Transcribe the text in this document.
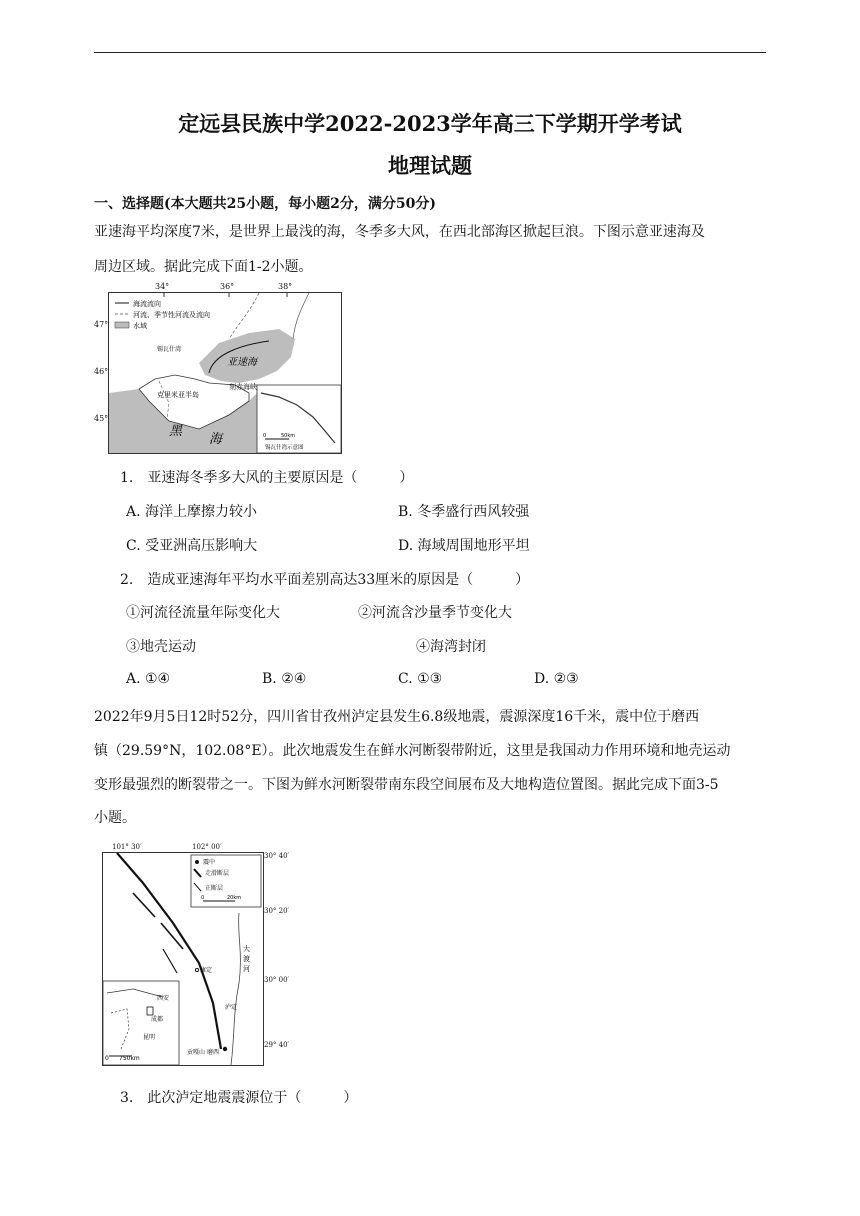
定远县民族中学2022-2023学年高三下学期开学考试
地理试题
一、选择题(本大题共25小题，每小题2分，满分50分)
亚速海平均深度7米，是世界上最浅的海，冬季多大风，在西北部海区掀起巨浪。下图示意亚速海及
周边区域。据此完成下面1-2小题。
海流流向
河流、季节性河流及流向
水域
亚速海
刻赤海峡
锡瓦什湾
克里米亚半岛
黑
海	0	50km
锡瓦什湾示意图
34°	36°	38°
47°
46°
45°
1.　亚速海冬季多大风的主要原因是（　　　）
A. 海洋上摩擦力较小	B. 冬季盛行西风较强
C. 受亚洲高压影响大	D. 海域周围地形平坦
2.　造成亚速海年平均水平面差别高达33厘米的原因是（　　　）
①河流径流量年际变化大	②河流含沙量季节变化大
③地壳运动	④海湾封闭
A. ①④	B. ②④	C. ①③	D. ②③
2022年9月5日12时52分，四川省甘孜州泸定县发生6.8级地震，震源深度16千米，震中位于磨西
镇（29.59°N，102.08°E）。此次地震发生在鲜水河断裂带附近，这里是我国动力作用环境和地壳运动
变形最强烈的断裂带之一。下图为鲜水河断裂带南东段空间展布及大地构造位置图。据此完成下面3-5
小题。
震中
走滑断层
正断层
0	20km
大
渡
河
康定
泸定
贡嘎山 磨西
西安
成都
昆明
0 750km
101° 30′	102° 00′
30° 40′
30° 20′
30° 00′
29° 40′
3.　此次泸定地震震源位于（　　　）
